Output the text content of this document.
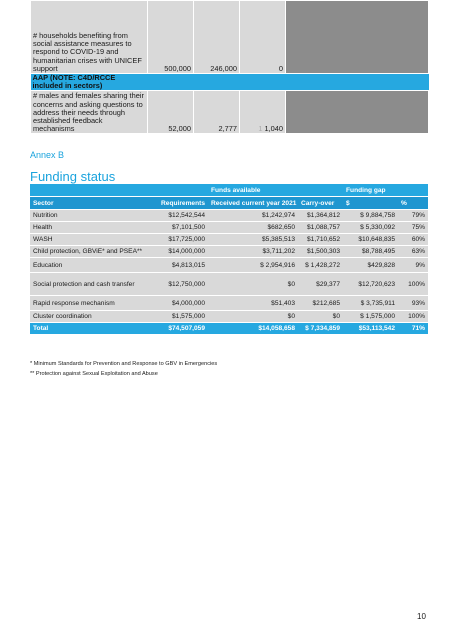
# households benefiting from social assistance measures to respond to COVID-19 and humanitarian crises with UNICEF support	500,000	246,000	0	
AAP (NOTE: C4D/RCCE included in sectors)				
# males and females sharing their concerns and asking questions to address their needs through established feedback mechanisms	52,000	2,777	1 1,040	
Annex B
Funding status
		Funds available		Funding gap	
Sector	Requirements	Received current year 2021	Carry-over	$	%
Nutrition	$12,542,544	$1,242,974	$1,364,812	$ 9,884,758	79%
Health	$7,101,500	$682,650	$1,088,757	$ 5,330,092	75%
WASH	$17,725,000	$5,385,513	$1,710,652	$10,648,835	60%
Child protection, GBViE* and PSEA**	$14,000,000	$3,711,202	$1,500,303	$8,788,495	63%
Education	$4,813,015	$ 2,954,916	$ 1,428,272	$429,828	9%
Social protection and cash transfer	$12,750,000	$0	$29,377	$12,720,623	100%
Rapid response mechanism	$4,000,000	$51,403	$212,685	$ 3,735,911	93%
Cluster coordination	$1,575,000	$0	$0	$ 1,575,000	100%
Total	$74,507,059	$14,058,658	$ 7,334,859	$53,113,542	71%
* Minimum Standards for Prevention and Response to GBV in Emergencies
** Protection against Sexual Exploitation and Abuse
10
